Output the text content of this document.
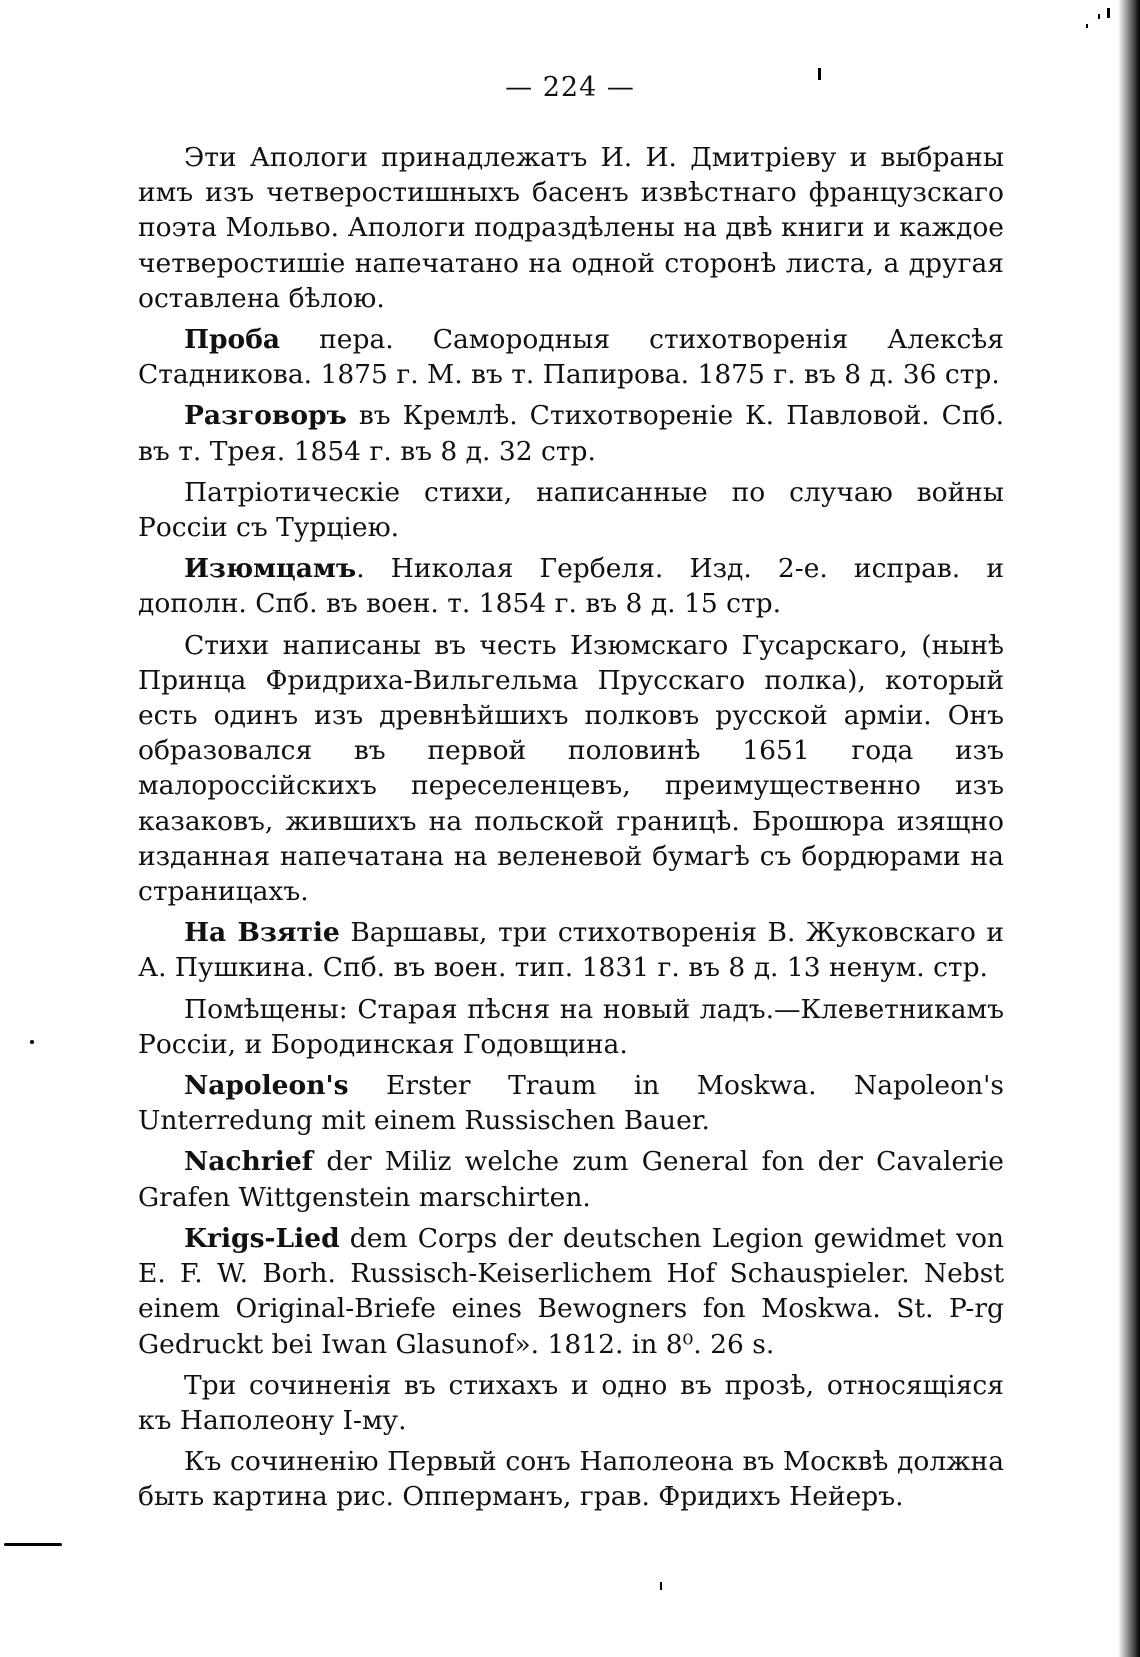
— 224 —

Эти Апологи принадлежатъ И. И. Дмитріеву и выбраны имъ изъ четверостишныхъ басенъ извѣстнаго французскаго поэта Мольво. Апологи подраздѣлены на двѣ книги и каждое четверостишіе напечатано на одной сторонѣ листа, а другая оставлена бѣлою.

Проба пера. Самородныя стихотворенія Алексѣя Стадникова. 1875 г. М. въ т. Папирова. 1875 г. въ 8 д. 36 стр.

Разговоръ въ Кремлѣ. Стихотвореніе К. Павловой. Спб. въ т. Трея. 1854 г. въ 8 д. 32 стр.

Патріотическіе стихи, написанные по случаю войны Россіи съ Турціею.

Изюмцамъ. Николая Гербеля. Изд. 2-е. исправ. и дополн. Спб. въ воен. т. 1854 г. въ 8 д. 15 стр.

Стихи написаны въ честь Изюмскаго Гусарскаго, (нынѣ Принца Фридриха-Вильгельма Прусскаго полка), который есть одинъ изъ древнѣйшихъ полковъ русской арміи. Онъ образовался въ первой половинѣ 1651 года изъ малороссійскихъ переселенцевъ, преимущественно изъ казаковъ, жившихъ на польской границѣ. Брошюра изящно изданная напечатана на веленевой бумагѣ съ бордюрами на страницахъ.

На Взятіе Варшавы, три стихотворенія В. Жуковскаго и А. Пушкина. Спб. въ воен. тип. 1831 г. въ 8 д. 13 ненум. стр.

Помѣщены: Старая пѣсня на новый ладъ.—Клеветникамъ Россіи, и Бородинская Годовщина.

Napoleon's Erster Traum in Moskwa. Napoleon's Unterredung mit einem Russischen Bauer.

Nachrief der Miliz welche zum General fon der Cavalerie Grafen Wittgenstein marschirten.

Krigs-Lied dem Corps der deutschen Legion gewidmet von E. F. W. Borh. Russisch-Keiserlichem Hof Schauspieler. Nebst einem Original-Briefe eines Bewogners fon Moskwa. St. P-rg Gedruckt bei Iwan Glasunof». 1812. in 8⁰. 26 s.

Три сочиненія въ стихахъ и одно въ прозѣ, относящіяся къ Наполеону I-му.

Къ сочиненію Первый сонъ Наполеона въ Москвѣ должна быть картина рис. Опперманъ, грав. Фридихъ Нейеръ.
